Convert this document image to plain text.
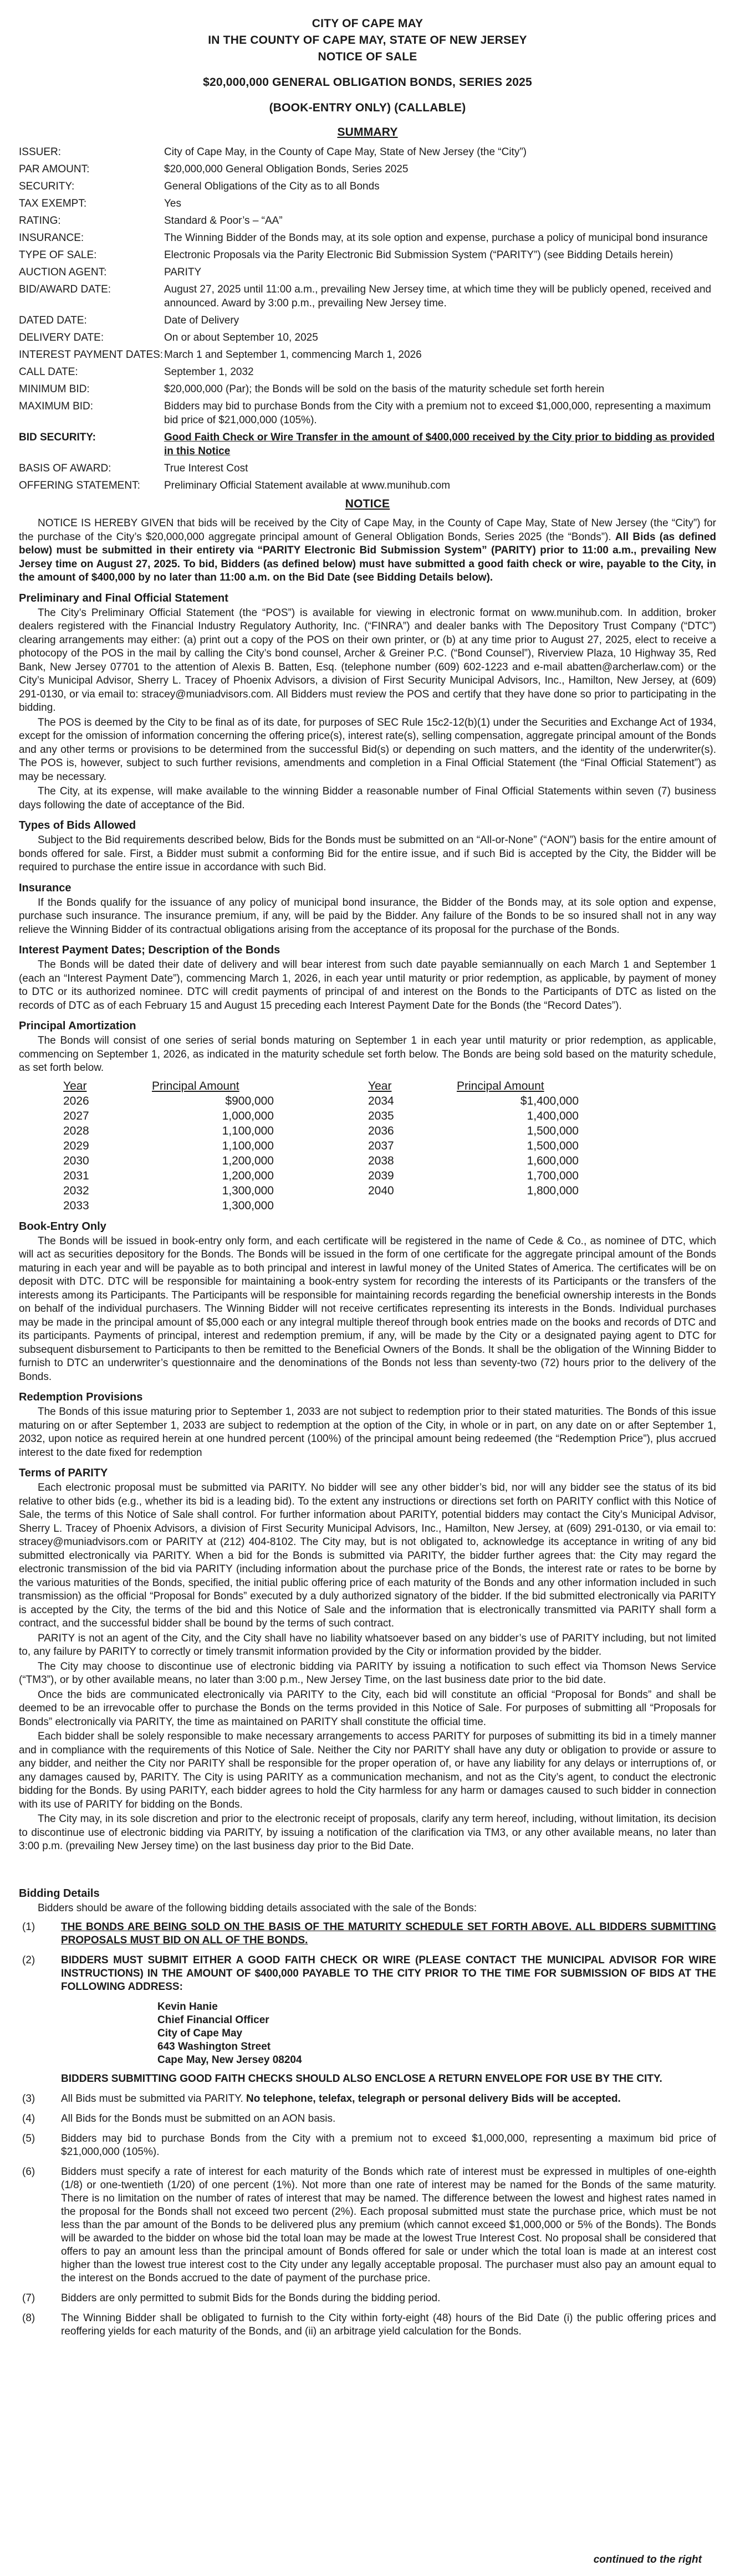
CITY OF CAPE MAY
IN THE COUNTY OF CAPE MAY, STATE OF NEW JERSEY
NOTICE OF SALE
$20,000,000 GENERAL OBLIGATION BONDS, SERIES 2025
(BOOK-ENTRY ONLY) (CALLABLE)
SUMMARY
ISSUER:	City of Cape May, in the County of Cape May, State of New Jersey (the “City”)
PAR AMOUNT:	$20,000,000 General Obligation Bonds, Series 2025
SECURITY:	General Obligations of the City as to all Bonds
TAX EXEMPT:	Yes
RATING:	Standard & Poor’s – “AA”
INSURANCE:	The Winning Bidder of the Bonds may, at its sole option and expense, purchase a policy of municipal bond insurance
TYPE OF SALE:	Electronic Proposals via the Parity Electronic Bid Submission System (“PARITY”) (see Bidding Details herein)
AUCTION AGENT:	PARITY
BID/AWARD DATE:	August 27, 2025 until 11:00 a.m., prevailing New Jersey time, at which time they will be publicly opened, received and announced. Award by 3:00 p.m., prevailing New Jersey time.
DATED DATE:	Date of Delivery
DELIVERY DATE:	On or about September 10, 2025
INTEREST PAYMENT DATES: March 1 and September 1, commencing March 1, 2026
CALL DATE:	September 1, 2032
MINIMUM BID:	$20,000,000 (Par); the Bonds will be sold on the basis of the maturity schedule set forth herein
MAXIMUM BID:	Bidders may bid to purchase Bonds from the City with a premium not to exceed $1,000,000, representing a maximum bid price of $21,000,000 (105%).
BID SECURITY:	Good Faith Check or Wire Transfer in the amount of $400,000 received by the City prior to bidding as provided in this Notice
BASIS OF AWARD:	True Interest Cost
OFFERING STATEMENT:	Preliminary Official Statement available at www.munihub.com
NOTICE

NOTICE IS HEREBY GIVEN that bids will be received by the City of Cape May, in the County of Cape May, State of New Jersey (the “City”) for the purchase of the City’s $20,000,000 aggregate principal amount of General Obligation Bonds, Series 2025 (the “Bonds”). All Bids (as defined below) must be submitted in their entirety via “PARITY Electronic Bid Submission System” (PARITY) prior to 11:00 a.m., prevailing New Jersey time on August 27, 2025. To bid, Bidders (as defined below) must have submitted a good faith check or wire, payable to the City, in the amount of $400,000 by no later than 11:00 a.m. on the Bid Date (see Bidding Details below).

Preliminary and Final Official Statement

The City’s Preliminary Official Statement (the “POS”) is available for viewing in electronic format on www.munihub.com. In addition, broker dealers registered with the Financial Industry Regulatory Authority, Inc. (“FINRA”) and dealer banks with The Depository Trust Company (“DTC”) clearing arrangements may either: (a) print out a copy of the POS on their own printer, or (b) at any time prior to August 27, 2025, elect to receive a photocopy of the POS in the mail by calling the City’s bond counsel, Archer & Greiner P.C. (“Bond Counsel”), Riverview Plaza, 10 Highway 35, Red Bank, New Jersey 07701 to the attention of Alexis B. Batten, Esq. (telephone number (609) 602-1223 and e-mail abatten@archerlaw.com) or the City’s Municipal Advisor, Sherry L. Tracey of Phoenix Advisors, a division of First Security Municipal Advisors, Inc., Hamilton, New Jersey, at (609) 291-0130, or via email to: stracey@muniadvisors.com. All Bidders must review the POS and certify that they have done so prior to participating in the bidding.

The POS is deemed by the City to be final as of its date, for purposes of SEC Rule 15c2-12(b)(1) under the Securities and Exchange Act of 1934, except for the omission of information concerning the offering price(s), interest rate(s), selling compensation, aggregate principal amount of the Bonds and any other terms or provisions to be determined from the successful Bid(s) or depending on such matters, and the identity of the underwriter(s). The POS is, however, subject to such further revisions, amendments and completion in a Final Official Statement (the “Final Official Statement”) as may be necessary.

The City, at its expense, will make available to the winning Bidder a reasonable number of Final Official Statements within seven (7) business days following the date of acceptance of the Bid.

Types of Bids Allowed

Subject to the Bid requirements described below, Bids for the Bonds must be submitted on an “All-or-None” (“AON”) basis for the entire amount of bonds offered for sale. First, a Bidder must submit a conforming Bid for the entire issue, and if such Bid is accepted by the City, the Bidder will be required to purchase the entire issue in accordance with such Bid.

Insurance

If the Bonds qualify for the issuance of any policy of municipal bond insurance, the Bidder of the Bonds may, at its sole option and expense, purchase such insurance. The insurance premium, if any, will be paid by the Bidder. Any failure of the Bonds to be so insured shall not in any way relieve the Winning Bidder of its contractual obligations arising from the acceptance of its proposal for the purchase of the Bonds.

Interest Payment Dates; Description of the Bonds

The Bonds will be dated their date of delivery and will bear interest from such date payable semiannually on each March 1 and September 1 (each an “Interest Payment Date”), commencing March 1, 2026, in each year until maturity or prior redemption, as applicable, by payment of money to DTC or its authorized nominee. DTC will credit payments of principal of and interest on the Bonds to the Participants of DTC as listed on the records of DTC as of each February 15 and August 15 preceding each Interest Payment Date for the Bonds (the “Record Dates”).

Principal Amortization

The Bonds will consist of one series of serial bonds maturing on September 1 in each year until maturity or prior redemption, as applicable, commencing on September 1, 2026, as indicated in the maturity schedule set forth below. The Bonds are being sold based on the maturity schedule, as set forth below.

Year	Principal Amount	Year	Principal Amount
2026	$900,000	2034	$1,400,000
2027	1,000,000	2035	1,400,000
2028	1,100,000	2036	1,500,000
2029	1,100,000	2037	1,500,000
2030	1,200,000	2038	1,600,000
2031	1,200,000	2039	1,700,000
2032	1,300,000	2040	1,800,000
2033	1,300,000
Book-Entry Only

The Bonds will be issued in book-entry only form, and each certificate will be registered in the name of Cede & Co., as nominee of DTC, which will act as securities depository for the Bonds. The Bonds will be issued in the form of one certificate for the aggregate principal amount of the Bonds maturing in each year and will be payable as to both principal and interest in lawful money of the United States of America. The certificates will be on deposit with DTC. DTC will be responsible for maintaining a book-entry system for recording the interests of its Participants or the transfers of the interests among its Participants. The Participants will be responsible for maintaining records regarding the beneficial ownership interests in the Bonds on behalf of the individual purchasers. The Winning Bidder will not receive certificates representing its interests in the Bonds. Individual purchases may be made in the principal amount of $5,000 each or any integral multiple thereof through book entries made on the books and records of DTC and its participants. Payments of principal, interest and redemption premium, if any, will be made by the City or a designated paying agent to DTC for subsequent disbursement to Participants to then be remitted to the Beneficial Owners of the Bonds. It shall be the obligation of the Winning Bidder to furnish to DTC an underwriter’s questionnaire and the denominations of the Bonds not less than seventy-two (72) hours prior to the delivery of the Bonds.

Redemption Provisions

The Bonds of this issue maturing prior to September 1, 2033 are not subject to redemption prior to their stated maturities. The Bonds of this issue maturing on or after September 1, 2033 are subject to redemption at the option of the City, in whole or in part, on any date on or after September 1, 2032, upon notice as required herein at one hundred percent (100%) of the principal amount being redeemed (the “Redemption Price”), plus accrued interest to the date fixed for redemption

Terms of PARITY

Each electronic proposal must be submitted via PARITY. No bidder will see any other bidder’s bid, nor will any bidder see the status of its bid relative to other bids (e.g., whether its bid is a leading bid). To the extent any instructions or directions set forth on PARITY conflict with this Notice of Sale, the terms of this Notice of Sale shall control. For further information about PARITY, potential bidders may contact the City’s Municipal Advisor, Sherry L. Tracey of Phoenix Advisors, a division of First Security Municipal Advisors, Inc., Hamilton, New Jersey, at (609) 291-0130, or via email to: stracey@muniadvisors.com or PARITY at (212) 404-8102. The City may, but is not obligated to, acknowledge its acceptance in writing of any bid submitted electronically via PARITY. When a bid for the Bonds is submitted via PARITY, the bidder further agrees that: the City may regard the electronic transmission of the bid via PARITY (including information about the purchase price of the Bonds, the interest rate or rates to be borne by the various maturities of the Bonds, specified, the initial public offering price of each maturity of the Bonds and any other information included in such transmission) as the official “Proposal for Bonds” executed by a duly authorized signatory of the bidder. If the bid submitted electronically via PARITY is accepted by the City, the terms of the bid and this Notice of Sale and the information that is electronically transmitted via PARITY shall form a contract, and the successful bidder shall be bound by the terms of such contract.

PARITY is not an agent of the City, and the City shall have no liability whatsoever based on any bidder’s use of PARITY including, but not limited to, any failure by PARITY to correctly or timely transmit information provided by the City or information provided by the bidder.

The City may choose to discontinue use of electronic bidding via PARITY by issuing a notification to such effect via Thomson News Service (“TM3”), or by other available means, no later than 3:00 p.m., New Jersey Time, on the last business date prior to the bid date.

Once the bids are communicated electronically via PARITY to the City, each bid will constitute an official “Proposal for Bonds” and shall be deemed to be an irrevocable offer to purchase the Bonds on the terms provided in this Notice of Sale. For purposes of submitting all “Proposals for Bonds” electronically via PARITY, the time as maintained on PARITY shall constitute the official time.

Each bidder shall be solely responsible to make necessary arrangements to access PARITY for purposes of submitting its bid in a timely manner and in compliance with the requirements of this Notice of Sale. Neither the City nor PARITY shall have any duty or obligation to provide or assure to any bidder, and neither the City nor PARITY shall be responsible for the proper operation of, or have any liability for any delays or interruptions of, or any damages caused by, PARITY. The City is using PARITY as a communication mechanism, and not as the City’s agent, to conduct the electronic bidding for the Bonds. By using PARITY, each bidder agrees to hold the City harmless for any harm or damages caused to such bidder in connection with its use of PARITY for bidding on the Bonds.

The City may, in its sole discretion and prior to the electronic receipt of proposals, clarify any term hereof, including, without limitation, its decision to discontinue use of electronic bidding via PARITY, by issuing a notification of the clarification via TM3, or any other available means, no later than 3:00 p.m. (prevailing New Jersey time) on the last business day prior to the Bid Date.

Bidding Details

Bidders should be aware of the following bidding details associated with the sale of the Bonds:

(1)	THE BONDS ARE BEING SOLD ON THE BASIS OF THE MATURITY SCHEDULE SET FORTH ABOVE. ALL BIDDERS SUBMITTING PROPOSALS MUST BID ON ALL OF THE BONDS.
(2)	BIDDERS MUST SUBMIT EITHER A GOOD FAITH CHECK OR WIRE (PLEASE CONTACT THE MUNICIPAL ADVISOR FOR WIRE INSTRUCTIONS) IN THE AMOUNT OF $400,000 PAYABLE TO THE CITY PRIOR TO THE TIME FOR SUBMISSION OF BIDS AT THE FOLLOWING ADDRESS:
Kevin Hanie
Chief Financial Officer
City of Cape May
643 Washington Street
Cape May, New Jersey 08204
BIDDERS SUBMITTING GOOD FAITH CHECKS SHOULD ALSO ENCLOSE A RETURN ENVELOPE FOR USE BY THE CITY.
(3)	All Bids must be submitted via PARITY. No telephone, telefax, telegraph or personal delivery Bids will be accepted.
(4)	All Bids for the Bonds must be submitted on an AON basis.
(5)	Bidders may bid to purchase Bonds from the City with a premium not to exceed $1,000,000, representing a maximum bid price of $21,000,000 (105%).
(6)	Bidders must specify a rate of interest for each maturity of the Bonds which rate of interest must be expressed in multiples of one-eighth (1/8) or one-twentieth (1/20) of one percent (1%). Not more than one rate of interest may be named for the Bonds of the same maturity. There is no limitation on the number of rates of interest that may be named. The difference between the lowest and highest rates named in the proposal for the Bonds shall not exceed two percent (2%). Each proposal submitted must state the purchase price, which must be not less than the par amount of the Bonds to be delivered plus any premium (which cannot exceed $1,000,000 or 5% of the Bonds). The Bonds will be awarded to the bidder on whose bid the total loan may be made at the lowest True Interest Cost. No proposal shall be considered that offers to pay an amount less than the principal amount of Bonds offered for sale or under which the total loan is made at an interest cost higher than the lowest true interest cost to the City under any legally acceptable proposal. The purchaser must also pay an amount equal to the interest on the Bonds accrued to the date of payment of the purchase price.
(7)	Bidders are only permitted to submit Bids for the Bonds during the bidding period.
(8)	The Winning Bidder shall be obligated to furnish to the City within forty-eight (48) hours of the Bid Date (i) the public offering prices and reoffering yields for each maturity of the Bonds, and (ii) an arbitrage yield calculation for the Bonds.
continued to the right
